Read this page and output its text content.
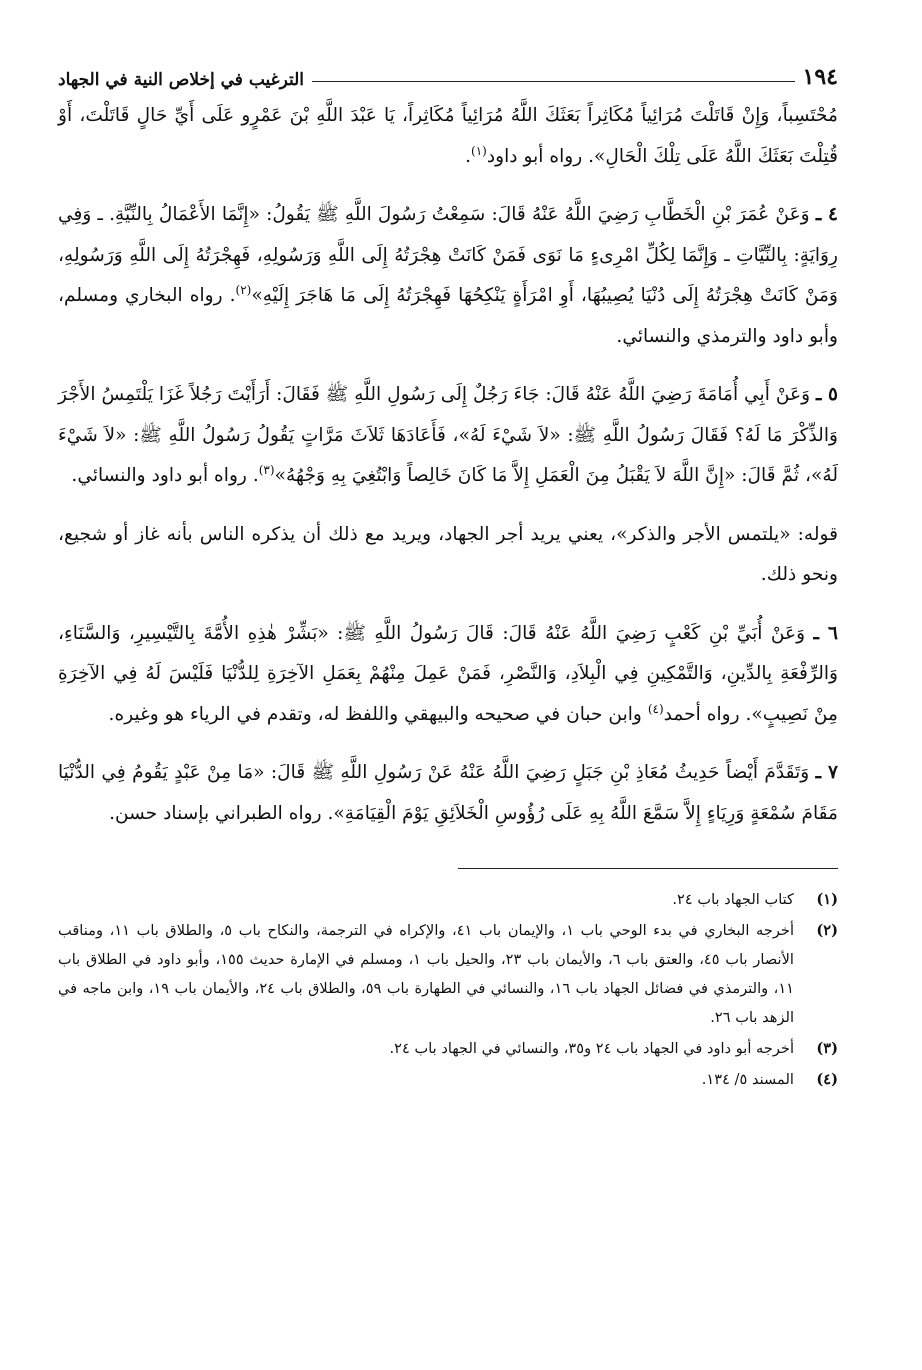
١٩٤
الترغيب في إخلاص النية في الجهاد

مُحْتَسِباً، وَإِنْ قَاتَلْتَ مُرَائِياً مُكَاثِراً بَعَثَكَ اللَّهُ مُرَائِياً مُكَاثِراً، يَا عَبْدَ اللَّهِ بْنَ عَمْرٍو عَلَى أَيِّ حَالٍ قَاتَلْتَ، أَوْ قُتِلْتَ بَعَثَكَ اللَّهُ عَلَى تِلْكَ الْحَالِ». رواه أبو داود$^{(١)}$.

٤ ـ وَعَنْ عُمَرَ بْنِ الْخَطَّابِ رَضِيَ اللَّهُ عَنْهُ قَالَ: سَمِعْتُ رَسُولَ اللَّهِ ﷺ يَقُولُ: «إِنَّمَا الأَعْمَالُ بِالنِّيَّةِ. ـ وَفِي رِوَايَةٍ: بِالنِّيَّاتِ ـ وَإِنَّمَا لِكُلِّ امْرِىءٍ مَا نَوَى فَمَنْ كَانَتْ هِجْرَتُهُ إِلَى اللَّهِ وَرَسُولِهِ، فَهِجْرَتُهُ إِلَى اللَّهِ وَرَسُولِهِ، وَمَنْ كَانَتْ هِجْرَتُهُ إِلَى دُنْيَا يُصِيبُهَا، أَوِ امْرَأَةٍ يَنْكِحُهَا فَهِجْرَتُهُ إِلَى مَا هَاجَرَ إِلَيْهِ»$^{(٢)}$. رواه البخاري ومسلم، وأبو داود والترمذي والنسائي.

٥ ـ وَعَنْ أَبِي أُمَامَةَ رَضِيَ اللَّهُ عَنْهُ قَالَ: جَاءَ رَجُلٌ إِلَى رَسُولِ اللَّهِ ﷺ فَقَالَ: أَرَأَيْتَ رَجُلاً غَزَا يَلْتَمِسُ الأَجْرَ وَالذِّكْرَ مَا لَهُ؟ فَقَالَ رَسُولُ اللَّهِ ﷺ: «لاَ شَيْءَ لَهُ»، فَأَعَادَهَا ثَلاَثَ مَرَّاتٍ يَقُولُ رَسُولُ اللَّهِ ﷺ: «لاَ شَيْءَ لَهُ»، ثُمَّ قَالَ: «إِنَّ اللَّهَ لاَ يَقْبَلُ مِنَ الْعَمَلِ إِلاَّ مَا كَانَ خَالِصاً وَابْتُغِيَ بِهِ وَجْهُهُ»$^{(٣)}$. رواه أبو داود والنسائي.

قوله: «يلتمس الأجر والذكر»، يعني يريد أجر الجهاد، ويريد مع ذلك أن يذكره الناس بأنه غاز أو شجيع، ونحو ذلك.

٦ ـ وَعَنْ أُبَيِّ بْنِ كَعْبٍ رَضِيَ اللَّهُ عَنْهُ قَالَ: قَالَ رَسُولُ اللَّهِ ﷺ: «بَشِّرْ هٰذِهِ الأُمَّةَ بِالتَّيْسِيرِ، وَالسَّنَاءِ، وَالرِّفْعَةِ بِالدِّينِ، وَالتَّمْكِينِ فِي الْبِلاَدِ، وَالنَّصْرِ، فَمَنْ عَمِلَ مِنْهُمْ بِعَمَلِ الآخِرَةِ لِلدُّنْيَا فَلَيْسَ لَهُ فِي الآخِرَةِ مِنْ نَصِيبٍ». رواه أحمد$^{(٤)}$ وابن حبان في صحيحه والبيهقي واللفظ له، وتقدم في الرياء هو وغيره.

٧ ـ وَتَقَدَّمَ أَيْضاً حَدِيثُ مُعَاذِ بْنِ جَبَلٍ رَضِيَ اللَّهُ عَنْهُ عَنْ رَسُولِ اللَّهِ ﷺ قَالَ: «مَا مِنْ عَبْدٍ يَقُومُ فِي الدُّنْيَا مَقَامَ سُمْعَةٍ وَرِيَاءٍ إِلاَّ سَمَّعَ اللَّهُ بِهِ عَلَى رُؤُوسِ الْخَلاَئِقِ يَوْمَ الْقِيَامَةِ». رواه الطبراني بإسناد حسن.

(١)
كتاب الجهاد باب ٢٤.
(٢)
أخرجه البخاري في بدء الوحي باب ١، والإيمان باب ٤١، والإكراه في الترجمة، والنكاح باب ٥، والطلاق باب ١١، ومناقب الأنصار باب ٤٥، والعتق باب ٦، والأيمان باب ٢٣، والحيل باب ١، ومسلم في الإمارة حديث ١٥٥، وأبو داود في الطلاق باب ١١، والترمذي في فضائل الجهاد باب ١٦، والنسائي في الطهارة باب ٥٩، والطلاق باب ٢٤، والأيمان باب ١٩، وابن ماجه في الزهد باب ٢٦.
(٣)
أخرجه أبو داود في الجهاد باب ٢٤ و٣٥، والنسائي في الجهاد باب ٢٤.
(٤)
المسند ٥/ ١٣٤.
